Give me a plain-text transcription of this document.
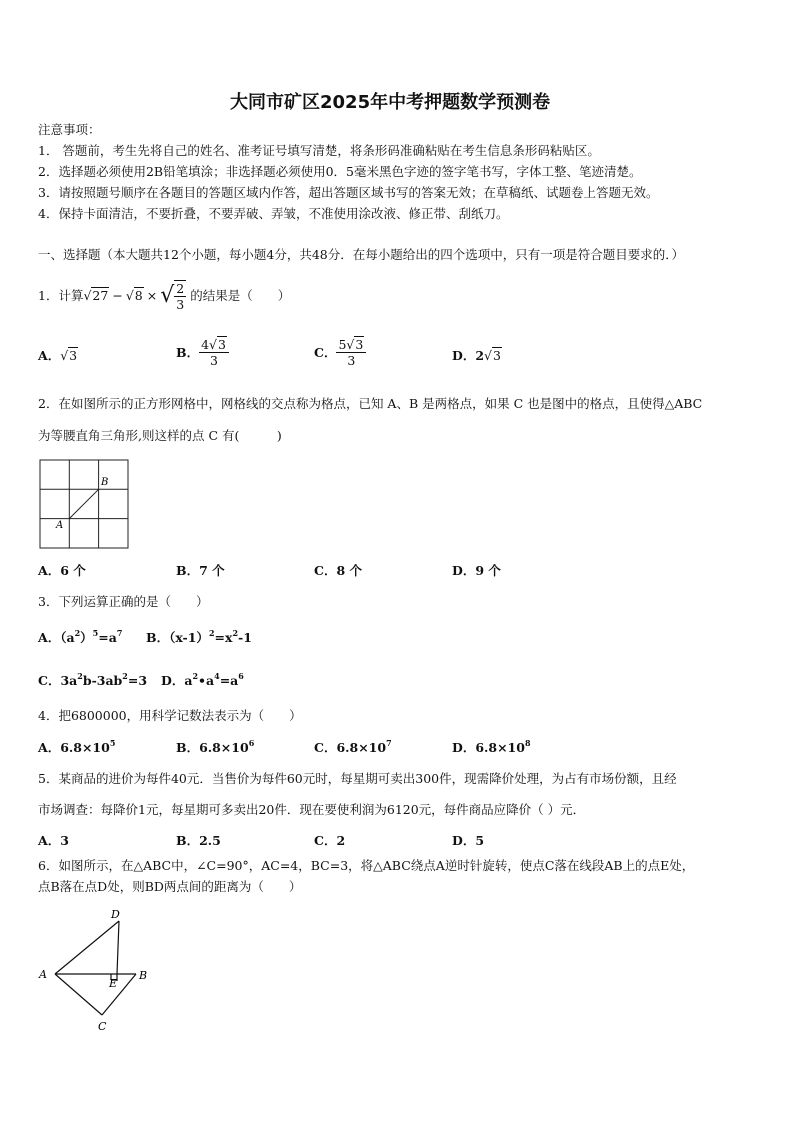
大同市矿区2025年中考押题数学预测卷
注意事项：
1． 答题前，考生先将自己的姓名、准考证号填写清楚，将条形码准确粘贴在考生信息条形码粘贴区。
2．选择题必须使用2B铅笔填涂；非选择题必须使用0．5毫米黑色字迹的签字笔书写，字体工整、笔迹清楚。
3．请按照题号顺序在各题目的答题区域内作答，超出答题区域书写的答案无效；在草稿纸、试题卷上答题无效。
4．保持卡面清洁，不要折叠，不要弄破、弄皱，不准使用涂改液、修正带、刮纸刀。
一、选择题（本大题共12个小题，每小题4分，共48分．在每小题给出的四个选项中，只有一项是符合题目要求的．）
1．计算 √27 − √8 × √ $\frac{2}{3}$ 的结果是（　　）
A．√3	B． $\frac{4√3}{3}$	C． $\frac{5√3}{3}$	D．2√3
2．在如图所示的正方形网格中，网格线的交点称为格点，已知 A、B 是两格点，如果 C 也是图中的格点，且使得△ABC
为等腰直角三角形,则这样的点 C 有(　　　)
A
B
A．6 个	B．7 个	C．8 个	D．9 个
3．下列运算正确的是（　　）
A．$(a^2)^5=a^7$ B．$(x-1)^2=x^2-1$
C．$3a^2b-3ab^2=3$ D．$a^2•a^4=a^6$
4．把6800000，用科学记数法表示为（　　）
A．$6.8\times 10^5$	B．$6.8\times 10^6$	C．$6.8\times 10^7$	D．$6.8\times 10^8$
5．某商品的进价为每件40元．当售价为每件60元时，每星期可卖出300件，现需降价处理，为占有市场份额，且经
市场调查：每降价1元，每星期可多卖出20件．现在要使利润为6120元，每件商品应降价（ ）元．
A．3	B．2.5	C．2	D．5
6．如图所示，在△ABC中，∠C=90°，AC=4，BC=3，将△ABC绕点A逆时针旋转，使点C落在线段AB上的点E处，
点B落在点D处，则BD两点间的距离为（　　）
D
A
E
B
C
